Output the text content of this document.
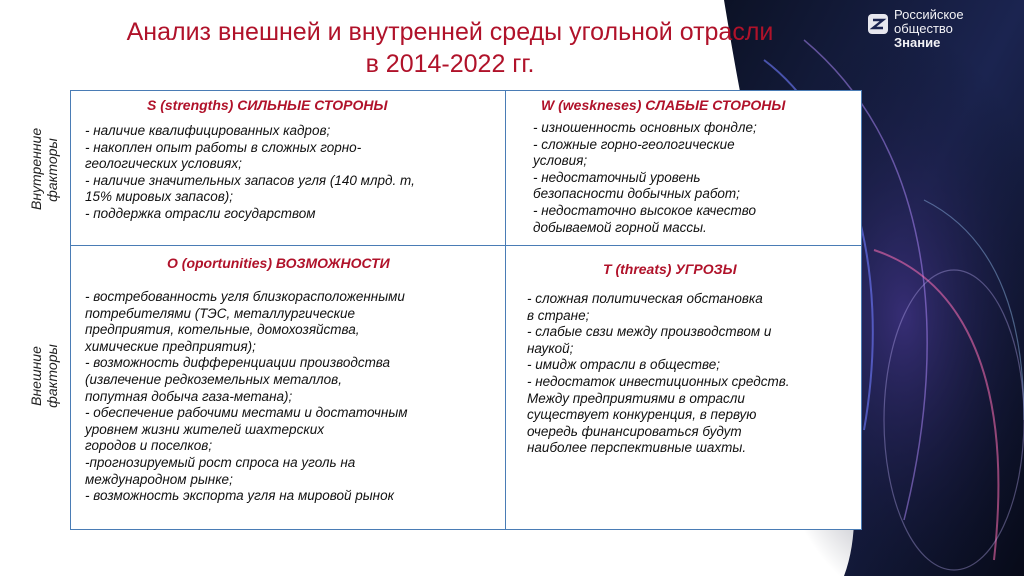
Анализ внешней и внутренней среды угольной отрасли
в 2014-2022 гг.
Российское
общество
Знание
Внутренние факторы
Внешние факторы
S (strengths) СИЛЬНЫЕ СТОРОНЫ
- наличие квалифицированных кадров;
- накоплен опыт работы в сложных горно-
геологических условиях;
- наличие значительных запасов угля (140 млрд. т,
15% мировых запасов);
- поддержка отрасли государством
W (weskneses) СЛАБЫЕ СТОРОНЫ
- изношенность основных фондле;
- сложные горно-геологические
условия;
- недостаточный уровень
безопасности добычных работ;
- недостаточно высокое качество
добываемой горной массы.
O (oportunities) ВОЗМОЖНОСТИ
- востребованность угля близкорасположенными
потребителями (ТЭС, металлургические
предприятия, котельные, домохозяйства,
химические предприятия);
- возможность дифференциации производства
(извлечение редкоземельных металлов,
попутная добыча газа-метана);
- обеспечение рабочими местами и достаточным
уровнем жизни жителей шахтерских
городов и поселков;
-прогнозируемый рост спроса на уголь на
международном рынке;
- возможность экспорта угля на мировой рынок
T (threats) УГРОЗЫ
- сложная политическая обстановка
в стране;
- слабые свзи между производством и
наукой;
- имидж отрасли в обществе;
- недостаток инвестиционных средств.
Между предприятиями в отрасли
существует конкуренция, в первую
очередь финансироваться будут
наиболее перспективные шахты.
